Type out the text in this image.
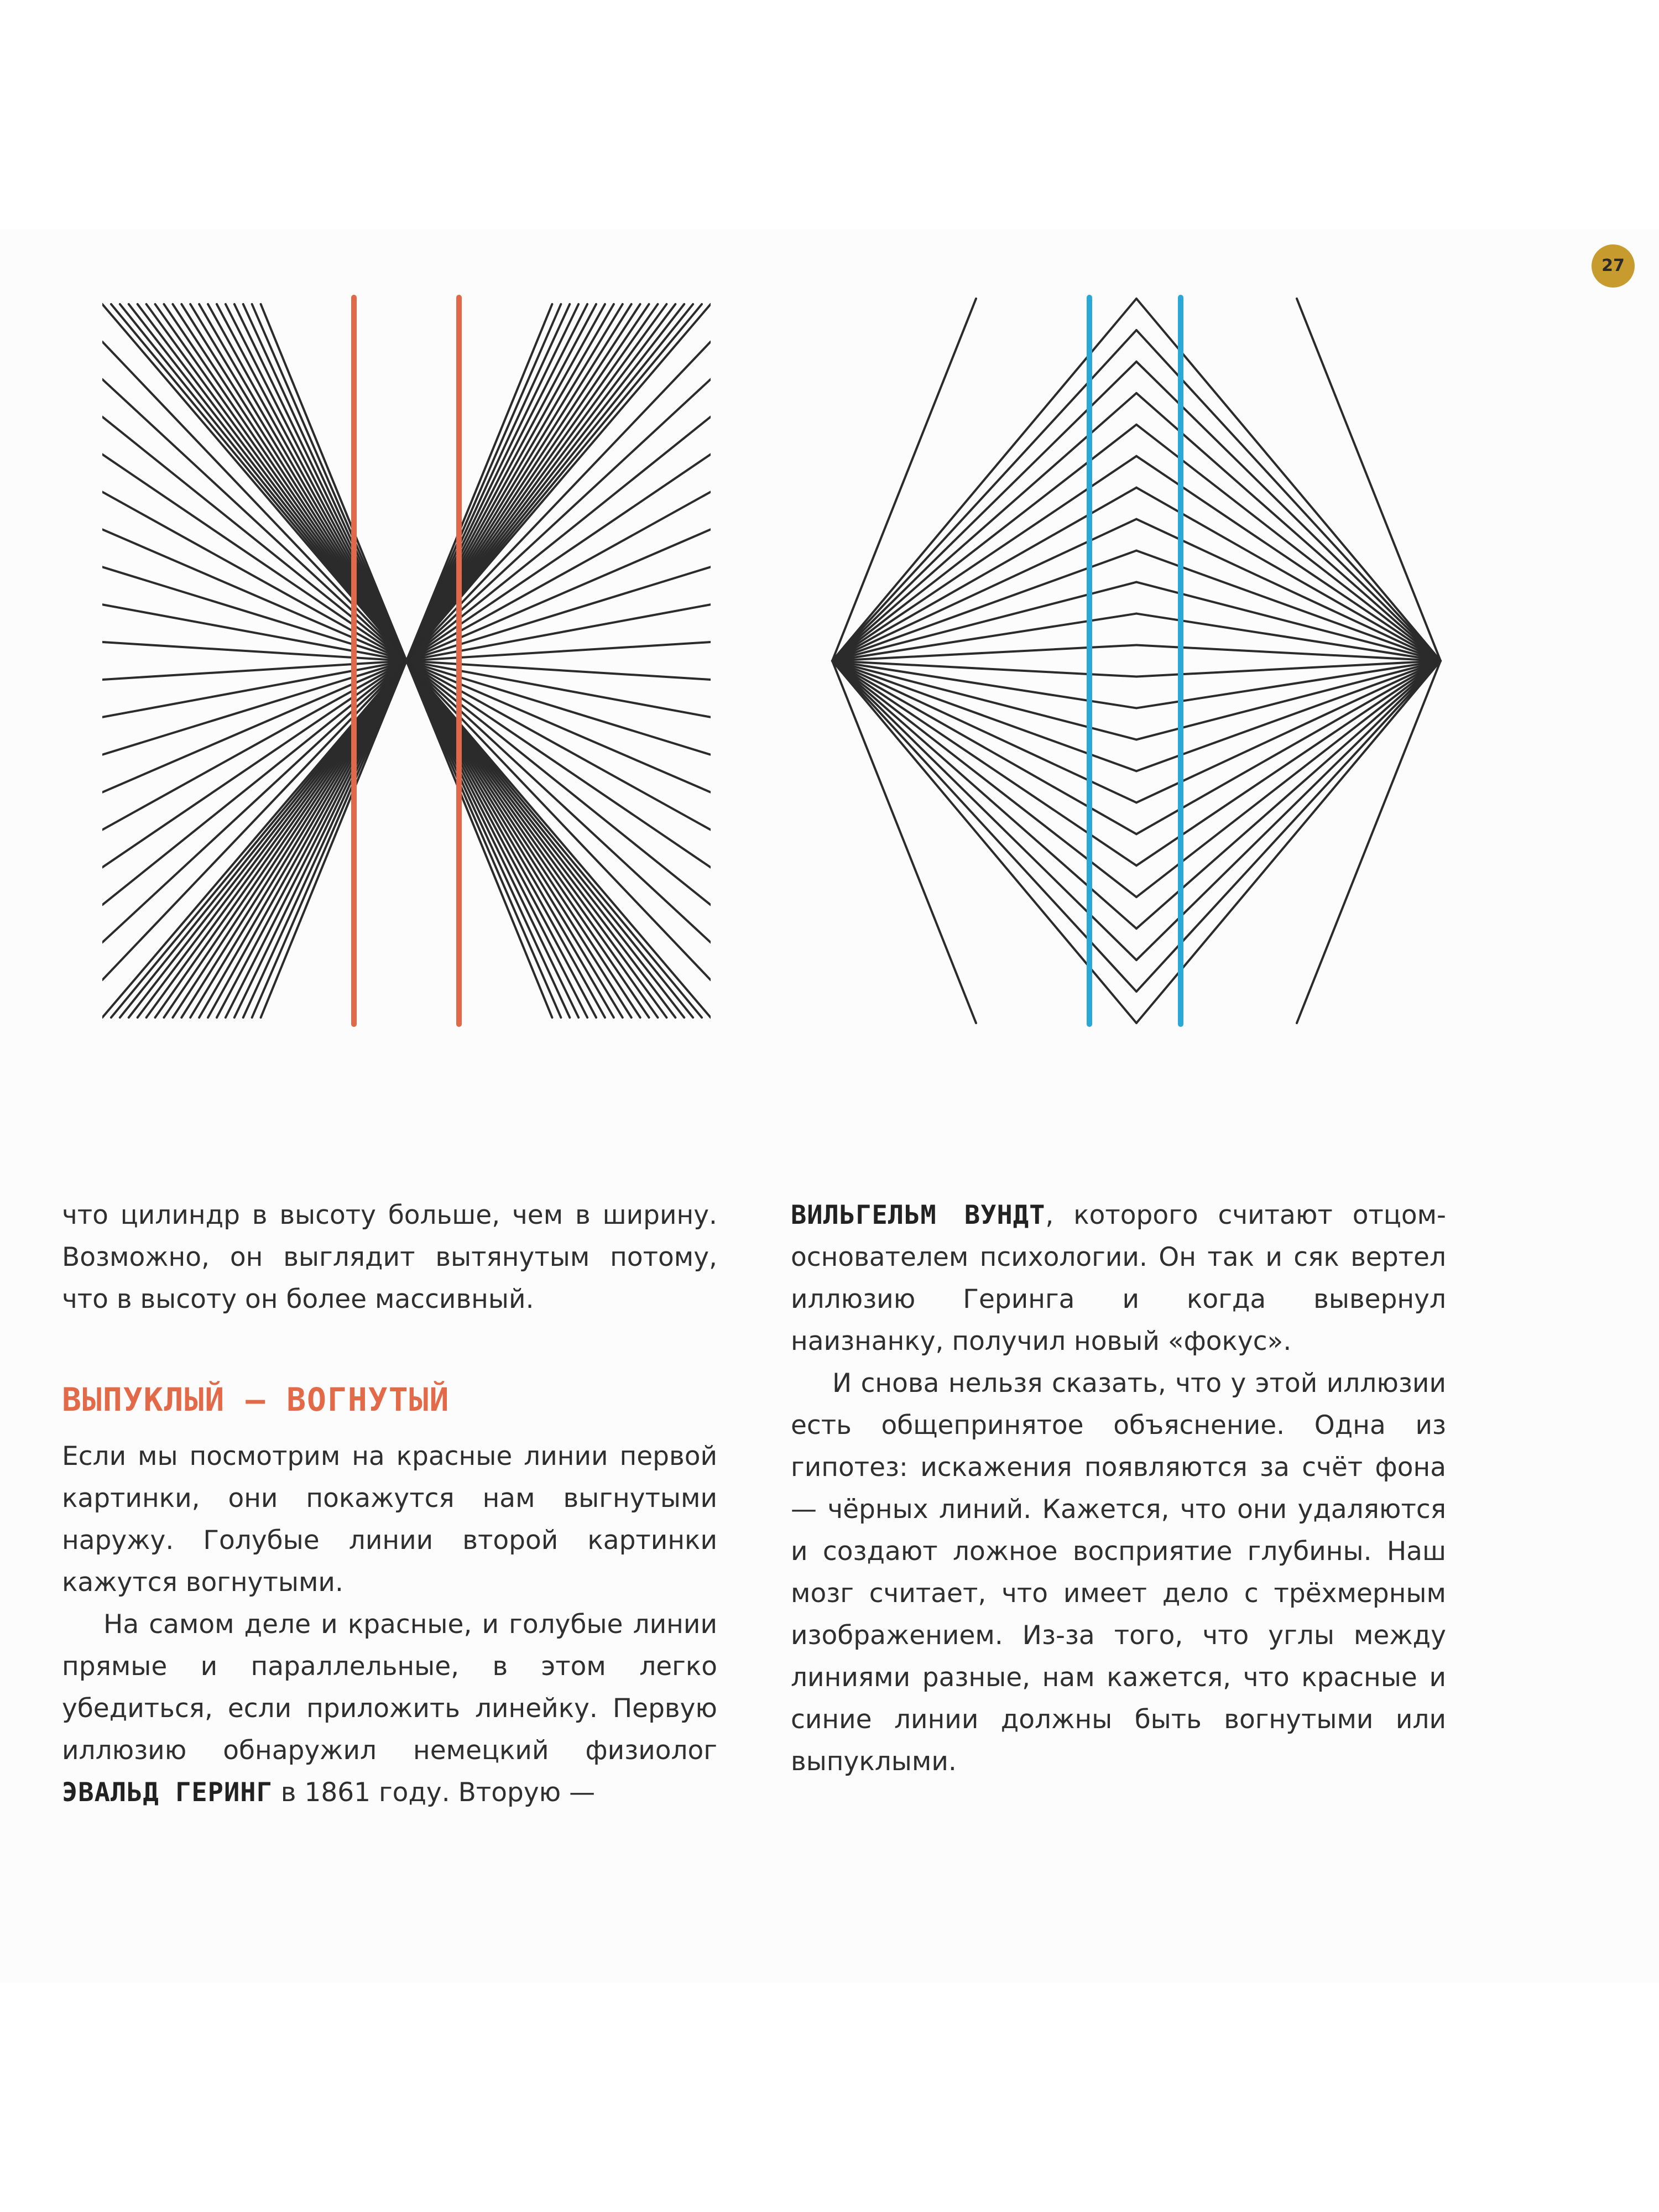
27

что цилиндр в высоту больше, чем в ширину. Возможно, он выглядит вытянутым потому, что в высоту он более массивный.

ВЫПУКЛЫЙ – ВОГНУТЫЙ

Если мы посмотрим на красные линии первой картинки, они покажутся нам выгнутыми наружу. Голубые линии второй картинки кажутся вогнутыми.

На самом деле и красные, и голубые линии прямые и параллельные, в этом легко убедиться, если приложить линейку. Первую иллюзию обнаружил немецкий физиолог ЭВАЛЬД ГЕРИНГ в 1861 году. Вторую —

ВИЛЬГЕЛЬМ ВУНДТ, которого считают отцом-основателем психологии. Он так и сяк вертел иллюзию Геринга и когда вывернул наизнанку, получил новый «фокус».

И снова нельзя сказать, что у этой иллюзии есть общепринятое объяснение. Одна из гипотез: искажения появляются за счёт фона — чёрных линий. Кажется, что они удаляются и создают ложное восприятие глубины. Наш мозг считает, что имеет дело с трёхмерным изображением. Из-за того, что углы между линиями разные, нам кажется, что красные и синие линии должны быть вогнутыми или выпуклыми.
